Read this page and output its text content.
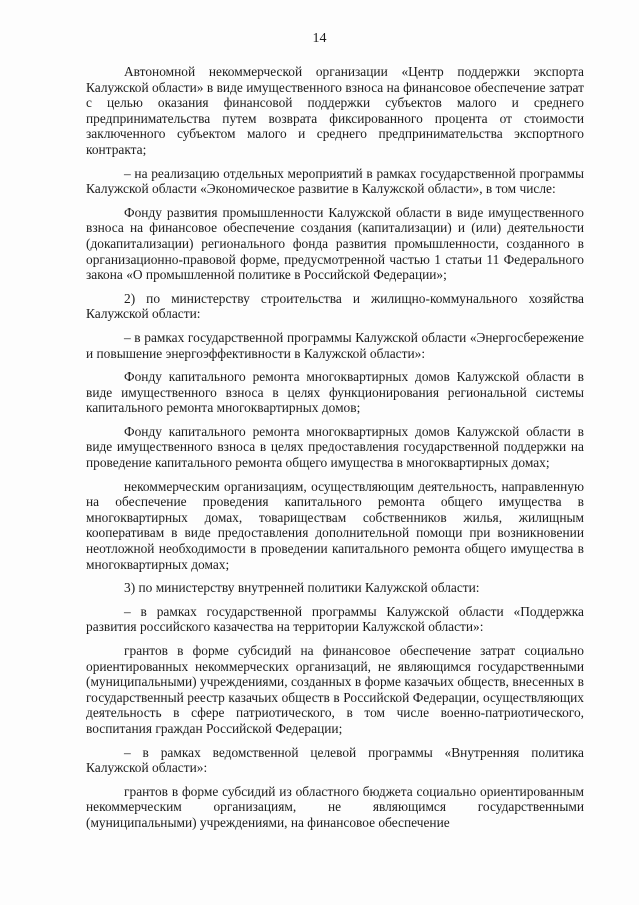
14

Автономной некоммерческой организации «Центр поддержки экспорта Калужской области» в виде имущественного взноса на финансовое обеспечение затрат с целью оказания финансовой поддержки субъектов малого и среднего предпринимательства путем возврата фиксированного процента от стоимости заключенного субъектом малого и среднего предпринимательства экспортного контракта;

– на реализацию отдельных мероприятий в рамках государственной программы Калужской области «Экономическое развитие в Калужской области», в том числе:

Фонду развития промышленности Калужской области в виде имущественного взноса на финансовое обеспечение создания (капитализации) и (или) деятельности (докапитализации) регионального фонда развития промышленности, созданного в организационно-правовой форме, предусмотренной частью 1 статьи 11 Федерального закона «О промышленной политике в Российской Федерации»;

2) по министерству строительства и жилищно-коммунального хозяйства Калужской области:

– в рамках государственной программы Калужской области «Энергосбережение и повышение энергоэффективности в Калужской области»:

Фонду капитального ремонта многоквартирных домов Калужской области в виде имущественного взноса в целях функционирования региональной системы капитального ремонта многоквартирных домов;

Фонду капитального ремонта многоквартирных домов Калужской области в виде имущественного взноса в целях предоставления государственной поддержки на проведение капитального ремонта общего имущества в многоквартирных домах;

некоммерческим организациям, осуществляющим деятельность, направленную на обеспечение проведения капитального ремонта общего имущества в многоквартирных домах, товариществам собственников жилья, жилищным кооперативам в виде предоставления дополнительной помощи при возникновении неотложной необходимости в проведении капитального ремонта общего имущества в многоквартирных домах;

3) по министерству внутренней политики Калужской области:

– в рамках государственной программы Калужской области «Поддержка развития российского казачества на территории Калужской области»:

грантов в форме субсидий на финансовое обеспечение затрат социально ориентированных некоммерческих организаций, не являющимся государственными (муниципальными) учреждениями, созданных в форме казачьих обществ, внесенных в государственный реестр казачьих обществ в Российской Федерации, осуществляющих деятельность в сфере патриотического, в том числе военно-патриотического, воспитания граждан Российской Федерации;

– в рамках ведомственной целевой программы «Внутренняя политика Калужской области»:

грантов в форме субсидий из областного бюджета социально ориентированным некоммерческим организациям, не являющимся государственными (муниципальными) учреждениями, на финансовое обеспечение
